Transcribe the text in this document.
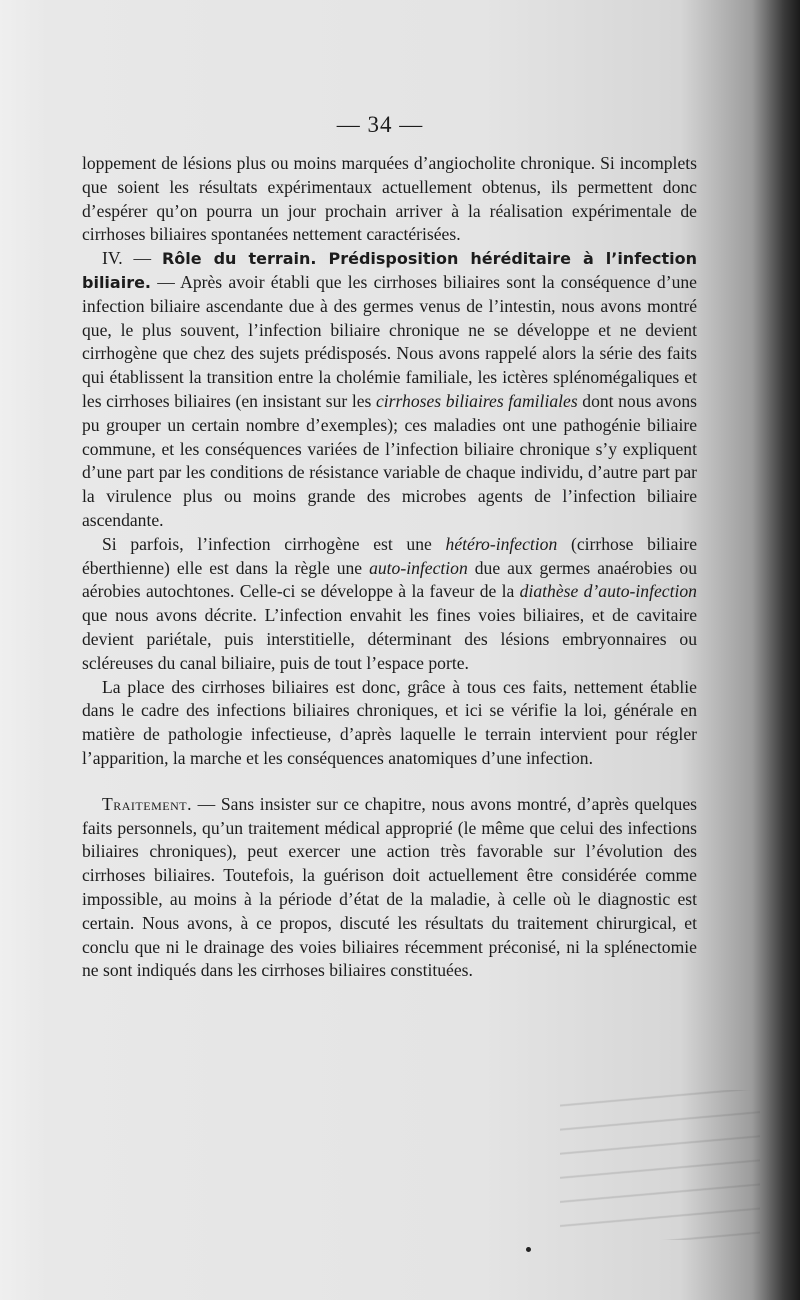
— 34 —

loppement de lésions plus ou moins marquées d’angiocholite chronique. Si incomplets que soient les résultats expérimentaux actuellement obtenus, ils permettent donc d’espérer qu’on pourra un jour prochain arriver à la réalisation expérimentale de cirrhoses biliaires spontanées nettement caractérisées.

IV. — Rôle du terrain. Prédisposition héréditaire à l’infection biliaire. — Après avoir établi que les cirrhoses biliaires sont la conséquence d’une infection biliaire ascendante due à des germes venus de l’intestin, nous avons montré que, le plus souvent, l’infection biliaire chronique ne se développe et ne devient cirrhogène que chez des sujets prédisposés. Nous avons rappelé alors la série des faits qui établissent la transition entre la cholémie familiale, les ictères splénomégaliques et les cirrhoses biliaires (en insistant sur les cirrhoses biliaires familiales dont nous avons pu grouper un certain nombre d’exemples); ces maladies ont une pathogénie biliaire commune, et les conséquences variées de l’infection biliaire chronique s’y expliquent d’une part par les conditions de résistance variable de chaque individu, d’autre part par la virulence plus ou moins grande des microbes agents de l’infection biliaire ascendante.

Si parfois, l’infection cirrhogène est une hétéro-infection (cirrhose biliaire éberthienne) elle est dans la règle une auto-infection due aux germes anaérobies ou aérobies autochtones. Celle-ci se développe à la faveur de la diathèse d’auto-infection que nous avons décrite. L’infection envahit les fines voies biliaires, et de cavitaire devient pariétale, puis interstitielle, déterminant des lésions embryonnaires ou scléreuses du canal biliaire, puis de tout l’espace porte.

La place des cirrhoses biliaires est donc, grâce à tous ces faits, nettement établie dans le cadre des infections biliaires chroniques, et ici se vérifie la loi, générale en matière de pathologie infectieuse, d’après laquelle le terrain intervient pour régler l’apparition, la marche et les conséquences anatomiques d’une infection.

Traitement. — Sans insister sur ce chapitre, nous avons montré, d’après quelques faits personnels, qu’un traitement médical approprié (le même que celui des infections biliaires chroniques), peut exercer une action très favorable sur l’évolution des cirrhoses biliaires. Toutefois, la guérison doit actuellement être considérée comme impossible, au moins à la période d’état de la maladie, à celle où le diagnostic est certain. Nous avons, à ce propos, discuté les résultats du traitement chirurgical, et conclu que ni le drainage des voies biliaires récemment préconisé, ni la splénectomie ne sont indiqués dans les cirrhoses biliaires constituées.
